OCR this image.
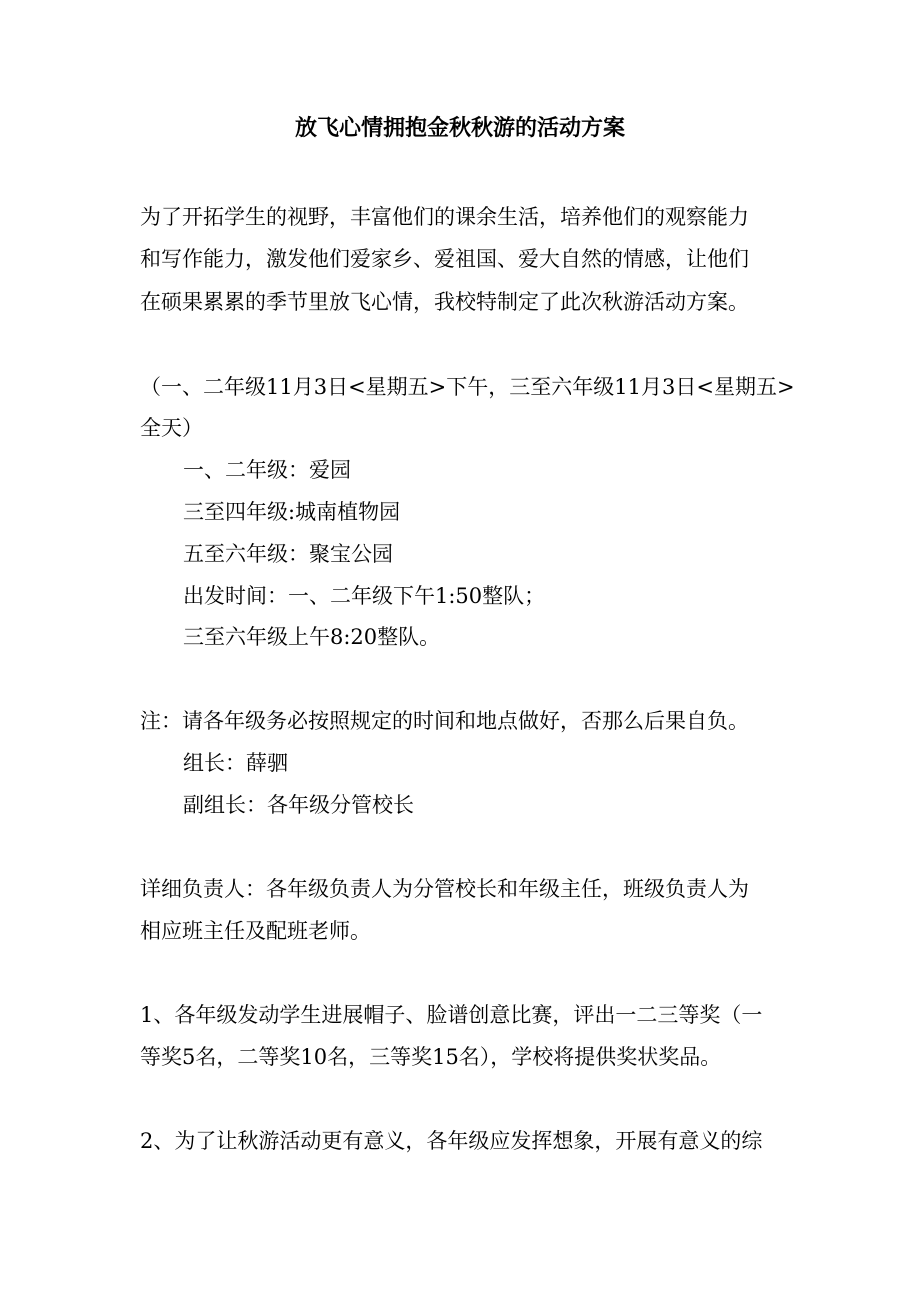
放飞心情拥抱金秋秋游的活动方案
为了开拓学生的视野，丰富他们的课余生活，培养他们的观察能力
和写作能力，激发他们爱家乡、爱祖国、爱大自然的情感，让他们
在硕果累累的季节里放飞心情，我校特制定了此次秋游活动方案。
（一、二年级11月3日<星期五>下午，三至六年级11月3日<星期五>
全天）
一、二年级：爱园
三至四年级:城南植物园
五至六年级：聚宝公园
出发时间：一、二年级下午1:50整队；
三至六年级上午8:20整队。
注：请各年级务必按照规定的时间和地点做好，否那么后果自负。
组长：薛驷
副组长：各年级分管校长
详细负责人：各年级负责人为分管校长和年级主任，班级负责人为
相应班主任及配班老师。
1、各年级发动学生进展帽子、脸谱创意比赛，评出一二三等奖（一
等奖5名，二等奖10名，三等奖15名），学校将提供奖状奖品。
2、为了让秋游活动更有意义，各年级应发挥想象，开展有意义的综
